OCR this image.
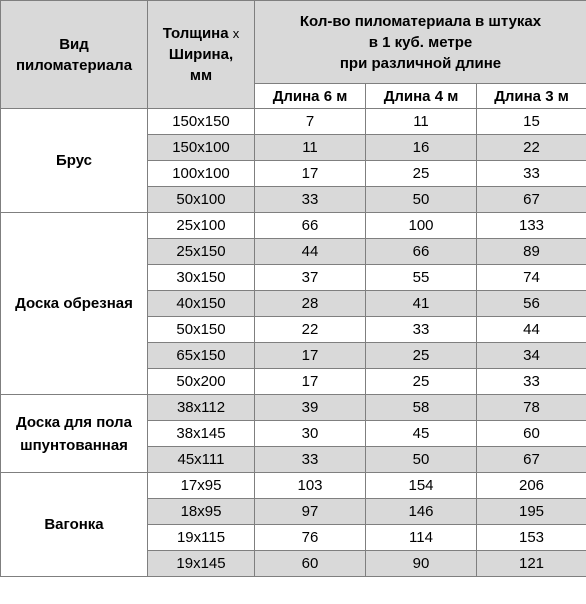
Вид пиломатериала	Толщина х
Ширина,
мм	Кол-во пиломатериала в штуках
в 1 куб. метре
при различной длине		
		Длина 6 м	Длина 4 м	Длина 3 м
Брус	150х150	7	11	15
	150х100	11	16	22
	100х100	17	25	33
	50х100	33	50	67
Доска обрезная	25х100	66	100	133
	25х150	44	66	89
	30х150	37	55	74
	40х150	28	41	56
	50х150	22	33	44
	65х150	17	25	34
	50х200	17	25	33
Доска для пола шпунтованная	38х112	39	58	78
	38х145	30	45	60
	45х111	33	50	67
Вагонка	17х95	103	154	206
	18х95	97	146	195
	19х115	76	114	153
	19х145	60	90	121
